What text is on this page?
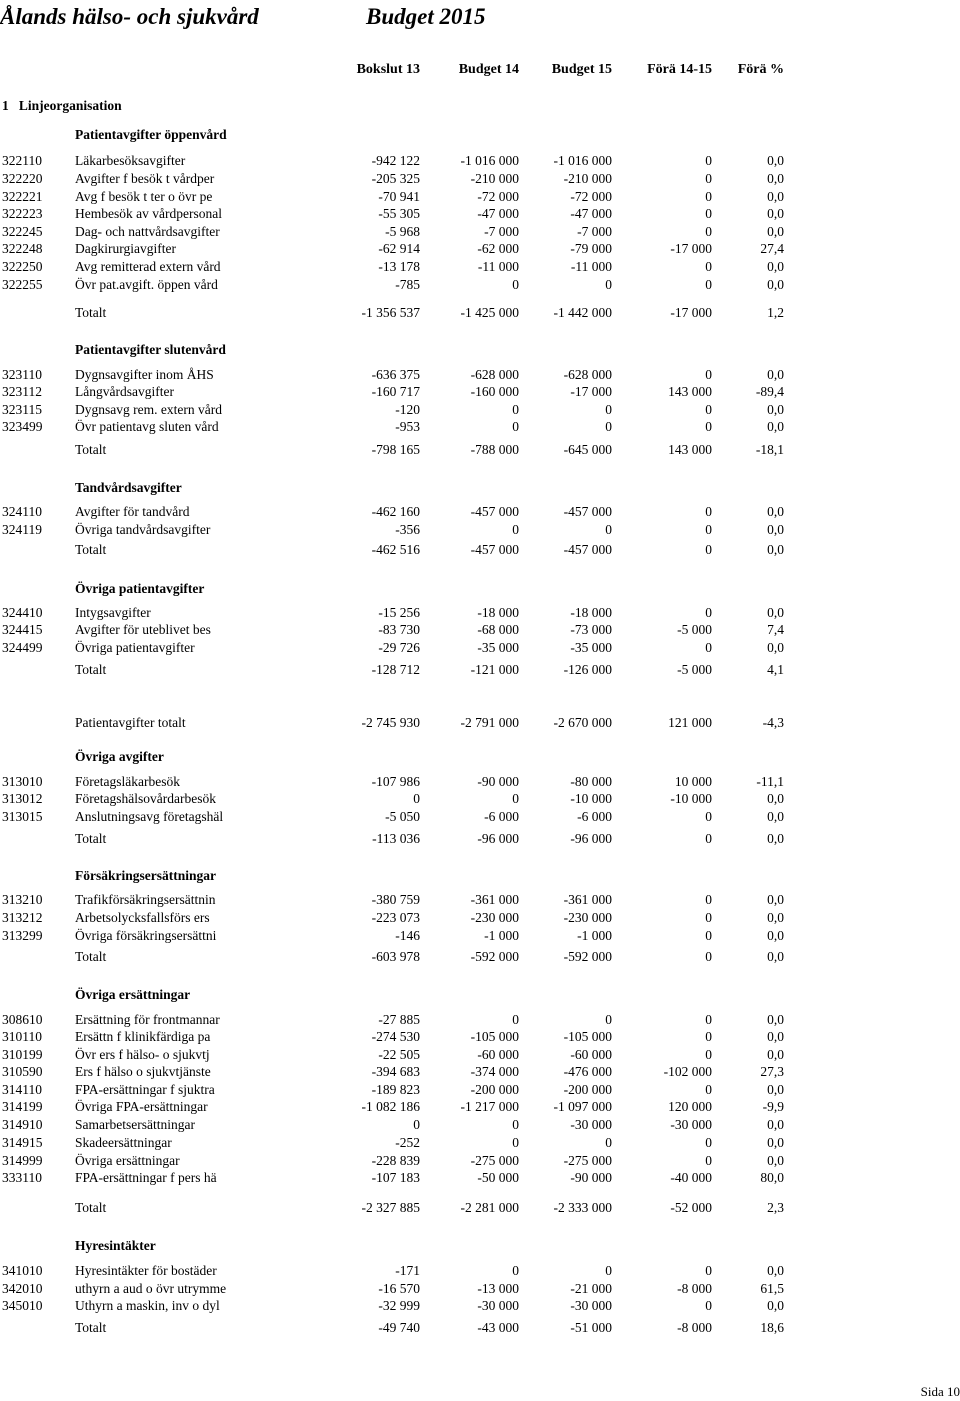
Ålands hälso- och sjukvård	Budget 2015
Bokslut 13	Budget 14 Budget 15	Förä 14-15 Förä %
1   Linjeorganisation
Patientavgifter öppenvård
322110 Läkarbesöksavgifter	-942 122	-1 016 000	-1 016 000	0	0,0
322220 Avgifter f besök t vårdper	-205 325	-210 000	-210 000	0	0,0
322221 Avg f besök t ter o övr pe	-70 941	-72 000	-72 000	0	0,0
322223 Hembesök av vårdpersonal	-55 305	-47 000	-47 000	0	0,0
322245 Dag- och nattvårdsavgifter	-5 968	-7 000	-7 000	0	0,0
322248 Dagkirurgiavgifter	-62 914	-62 000	-79 000	-17 000	27,4
322250 Avg remitterad extern vård	-13 178	-11 000	-11 000	0	0,0
322255 Övr pat.avgift. öppen vård	-785	0	0	0	0,0
Totalt	-1 356 537	-1 425 000	-1 442 000	-17 000	1,2
Patientavgifter slutenvård
323110 Dygnsavgifter inom ÅHS	-636 375	-628 000	-628 000	0	0,0
323112 Långvårdsavgifter	-160 717	-160 000	-17 000	143 000	-89,4
323115 Dygnsavg rem. extern vård	-120	0	0	0	0,0
323499 Övr patientavg sluten vård	-953	0	0	0	0,0
Totalt	-798 165	-788 000	-645 000	143 000	-18,1
Tandvårdsavgifter
324110 Avgifter för tandvård	-462 160	-457 000	-457 000	0	0,0
324119 Övriga tandvårdsavgifter	-356	0	0	0	0,0
Totalt	-462 516	-457 000	-457 000	0	0,0
Övriga patientavgifter
324410 Intygsavgifter	-15 256	-18 000	-18 000	0	0,0
324415 Avgifter för uteblivet bes	-83 730	-68 000	-73 000	-5 000	7,4
324499 Övriga patientavgifter	-29 726	-35 000	-35 000	0	0,0
Totalt	-128 712	-121 000	-126 000	-5 000	4,1
Patientavgifter totalt	-2 745 930	-2 791 000	-2 670 000	121 000	-4,3
Övriga avgifter
313010 Företagsläkarbesök	-107 986	-90 000	-80 000	10 000	-11,1
313012 Företagshälsovårdarbesök	0	0	-10 000	-10 000	0,0
313015 Anslutningsavg företagshäl	-5 050	-6 000	-6 000	0	0,0
Totalt	-113 036	-96 000	-96 000	0	0,0
Försäkringsersättningar
313210 Trafikförsäkringsersättnin	-380 759	-361 000	-361 000	0	0,0
313212 Arbetsolycksfallsförs ers	-223 073	-230 000	-230 000	0	0,0
313299 Övriga försäkringsersättni	-146	-1 000	-1 000	0	0,0
Totalt	-603 978	-592 000	-592 000	0	0,0
Övriga ersättningar
308610 Ersättning för frontmannar	-27 885	0	0	0	0,0
310110 Ersättn f klinikfärdiga pa	-274 530	-105 000	-105 000	0	0,0
310199 Övr ers f hälso- o sjukvtj	-22 505	-60 000	-60 000	0	0,0
310590 Ers f hälso o sjukvtjänste	-394 683	-374 000	-476 000	-102 000	27,3
314110 FPA-ersättningar f sjuktra	-189 823	-200 000	-200 000	0	0,0
314199 Övriga FPA-ersättningar	-1 082 186	-1 217 000	-1 097 000	120 000	-9,9
314910 Samarbetsersättningar	0	0	-30 000	-30 000	0,0
314915 Skadeersättningar	-252	0	0	0	0,0
314999 Övriga ersättningar	-228 839	-275 000	-275 000	0	0,0
333110 FPA-ersättningar f pers hä	-107 183	-50 000	-90 000	-40 000	80,0
Totalt	-2 327 885	-2 281 000	-2 333 000	-52 000	2,3
Hyresintäkter
341010 Hyresintäkter för bostäder	-171	0	0	0	0,0
342010 uthyrn a aud o övr utrymme	-16 570	-13 000	-21 000	-8 000	61,5
345010 Uthyrn a maskin, inv o dyl	-32 999	-30 000	-30 000	0	0,0
Totalt	-49 740	-43 000	-51 000	-8 000	18,6
Sida 10
